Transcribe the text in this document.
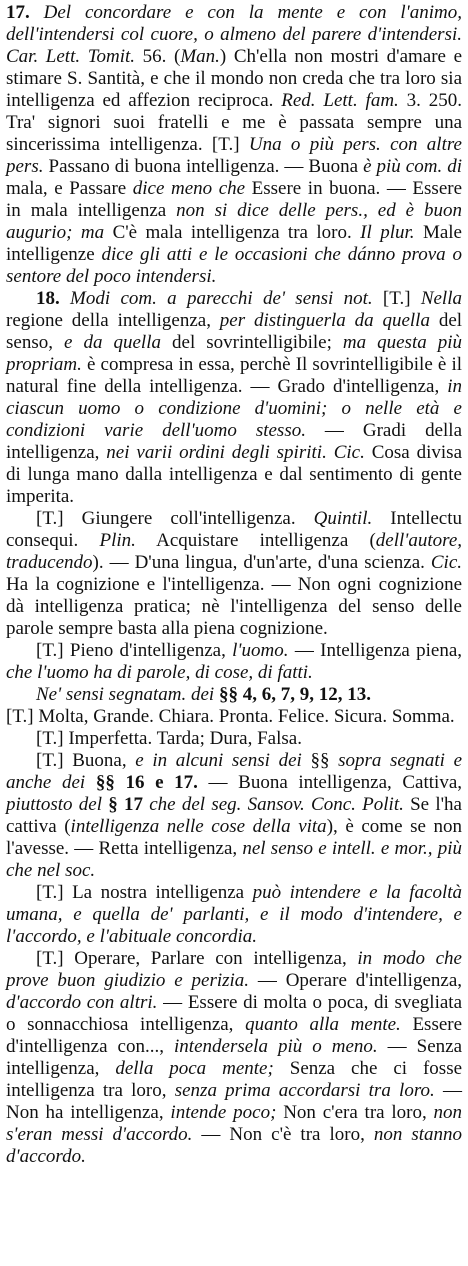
17. Del concordare e con la mente e con l'animo, dell'intendersi col cuore, o almeno del parere d'intendersi. Car. Lett. Tomit. 56. (Man.) Ch'ella non mostri d'amare e stimare S. Santità, e che il mondo non creda che tra loro sia intelligenza ed affezion reciproca. Red. Lett. fam. 3. 250. Tra' signori suoi fratelli e me è passata sempre una sincerissima intelligenza. [T.] Una o più pers. con altre pers. Passano di buona intelligenza. — Buona è più com. di mala, e Passare dice meno che Essere in buona. — Essere in mala intelligenza non si dice delle pers., ed è buon augurio; ma C'è mala intelligenza tra loro. Il plur. Male intelligenze dice gli atti e le occasioni che dánno prova o sentore del poco intendersi.

18. Modi com. a parecchi de' sensi not. [T.] Nella regione della intelligenza, per distinguerla da quella del senso, e da quella del sovrintelligibile; ma questa più propriam. è compresa in essa, perchè Il sovrintelligibile è il natural fine della intelligenza. — Grado d'intelligenza, in ciascun uomo o condizione d'uomini; o nelle età e condizioni varie dell'uomo stesso. — Gradi della intelligenza, nei varii ordini degli spiriti. Cic. Cosa divisa di lunga mano dalla intelligenza e dal sentimento di gente imperita.

[T.] Giungere coll'intelligenza. Quintil. Intellectu consequi. Plin. Acquistare intelligenza (dell'autore, traducendo). — D'una lingua, d'un'arte, d'una scienza. Cic. Ha la cognizione e l'intelligenza. — Non ogni cognizione dà intelligenza pratica; nè l'intelligenza del senso delle parole sempre basta alla piena cognizione.

[T.] Pieno d'intelligenza, l'uomo. — Intelligenza piena, che l'uomo ha di parole, di cose, di fatti.

Ne' sensi segnatam. dei §§ 4, 6, 7, 9, 12, 13.

[T.] Molta, Grande. Chiara. Pronta. Felice. Sicura. Somma.

[T.] Imperfetta. Tarda; Dura, Falsa.

[T.] Buona, e in alcuni sensi dei §§ sopra segnati e anche dei §§ 16 e 17. — Buona intelligenza, Cattiva, piuttosto del § 17 che del seg. Sansov. Conc. Polit. Se l'ha cattiva (intelligenza nelle cose della vita), è come se non l'avesse. — Retta intelligenza, nel senso e intell. e mor., più che nel soc.

[T.] La nostra intelligenza può intendere e la facoltà umana, e quella de' parlanti, e il modo d'intendere, e l'accordo, e l'abituale concordia.

[T.] Operare, Parlare con intelligenza, in modo che prove buon giudizio e perizia. — Operare d'intelligenza, d'accordo con altri. — Essere di molta o poca, di svegliata o sonnacchiosa intelligenza, quanto alla mente. Essere d'intelligenza con..., intendersela più o meno. — Senza intelligenza, della poca mente; Senza che ci fosse intelligenza tra loro, senza prima accordarsi tra loro. — Non ha intelligenza, intende poco; Non c'era tra loro, non s'eran messi d'accordo. — Non c'è tra loro, non stanno d'accordo.
